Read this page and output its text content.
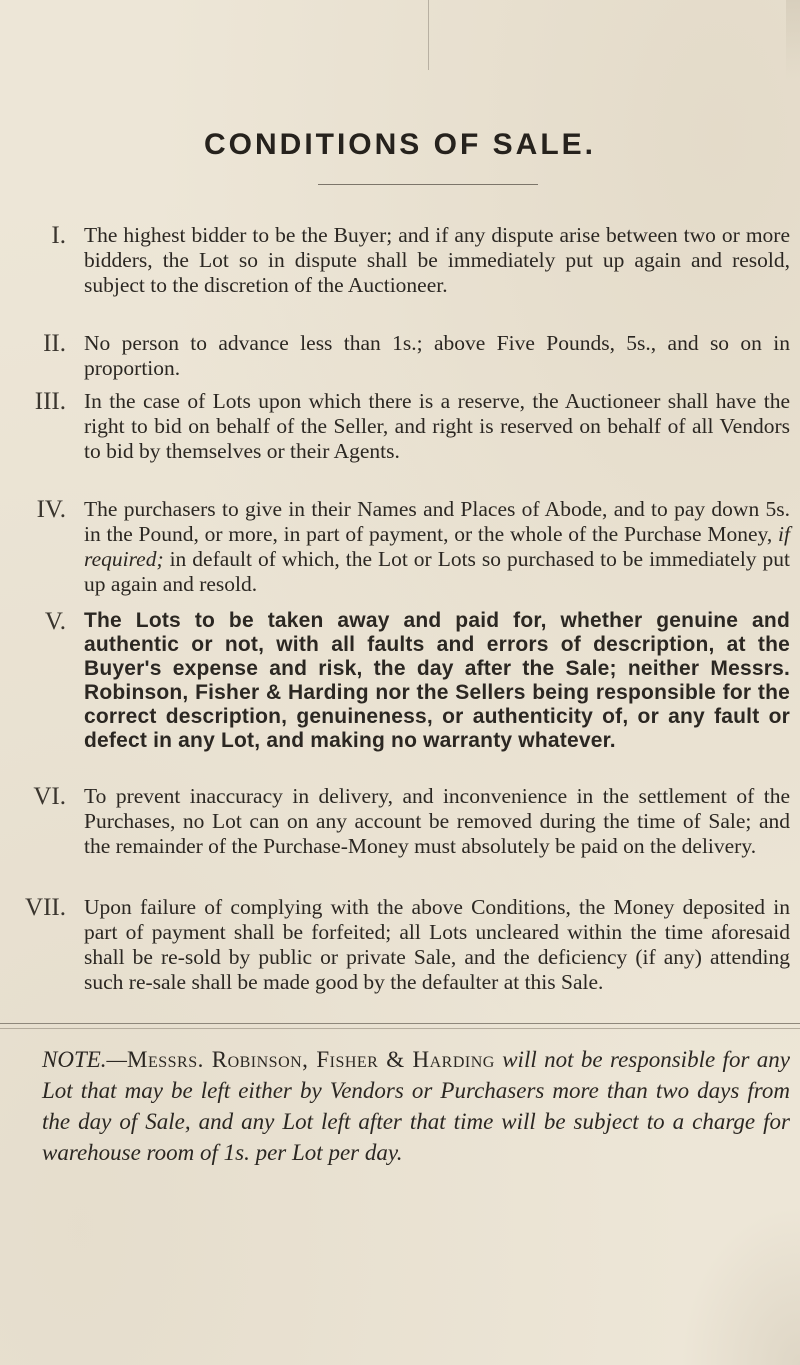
CONDITIONS OF SALE.
I. The highest bidder to be the Buyer; and if any dispute arise between two or more bidders, the Lot so in dispute shall be immediately put up again and resold, subject to the discretion of the Auctioneer.

II. No person to advance less than 1s.; above Five Pounds, 5s., and so on in proportion.

III. In the case of Lots upon which there is a reserve, the Auctioneer shall have the right to bid on behalf of the Seller, and right is reserved on behalf of all Vendors to bid by themselves or their Agents.

IV. The purchasers to give in their Names and Places of Abode, and to pay down 5s. in the Pound, or more, in part of payment, or the whole of the Purchase Money, if required; in default of which, the Lot or Lots so purchased to be immediately put up again and resold.

V. The Lots to be taken away and paid for, whether genuine and authentic or not, with all faults and errors of description, at the Buyer's expense and risk, the day after the Sale; neither Messrs. Robinson, Fisher & Harding nor the Sellers being responsible for the correct description, genuineness, or authenticity of, or any fault or defect in any Lot, and making no warranty whatever.

VI. To prevent inaccuracy in delivery, and inconvenience in the settlement of the Purchases, no Lot can on any account be removed during the time of Sale; and the remainder of the Purchase-Money must absolutely be paid on the delivery.

VII. Upon failure of complying with the above Conditions, the Money deposited in part of payment shall be forfeited; all Lots uncleared within the time aforesaid shall be re-sold by public or private Sale, and the deficiency (if any) attending such re-sale shall be made good by the defaulter at this Sale.

NOTE.—Messrs. Robinson, Fisher & Harding will not be responsible for any Lot that may be left either by Vendors or Purchasers more than two days from the day of Sale, and any Lot left after that time will be subject to a charge for warehouse room of 1s. per Lot per day.
